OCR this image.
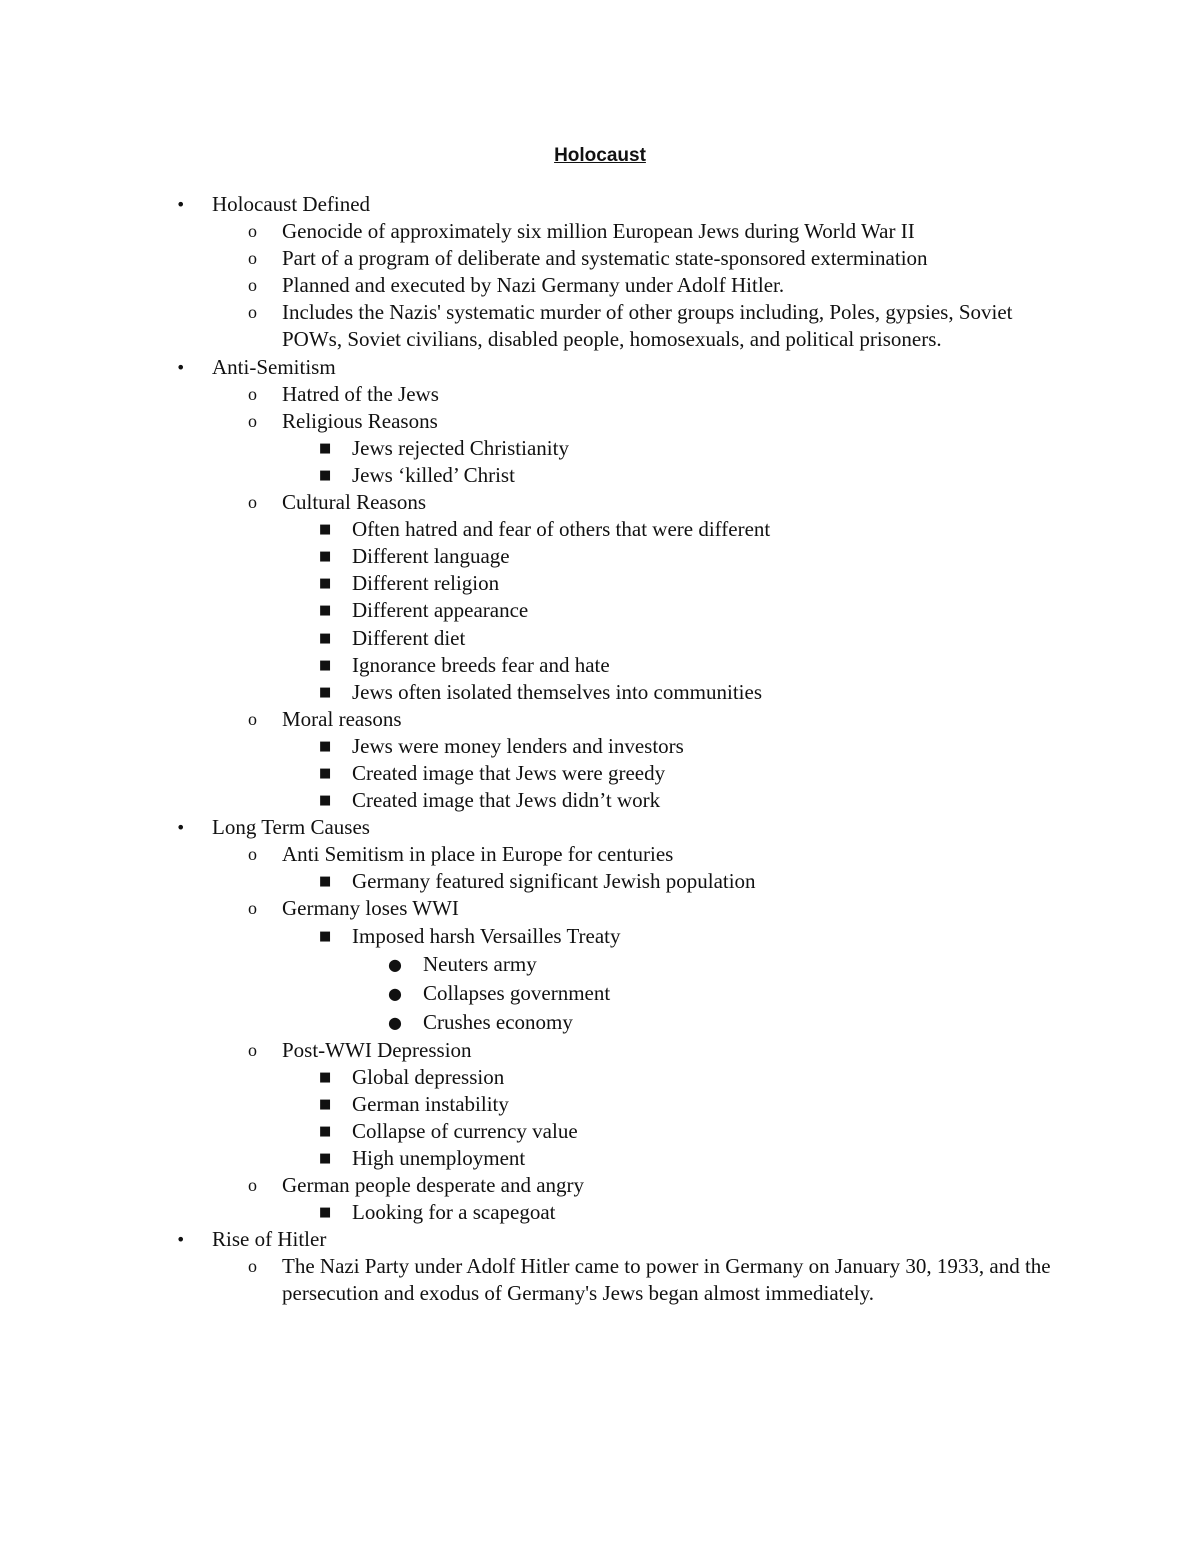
Holocaust
•	Holocaust Defined
o	Genocide of approximately six million European Jews during World War II
o	Part of a program of deliberate and systematic state-sponsored extermination
o	Planned and executed by Nazi Germany under Adolf Hitler.
o	Includes the Nazis' systematic murder of other groups including, Poles, gypsies, Soviet POWs, Soviet civilians, disabled people, homosexuals, and political prisoners.
•	Anti-Semitism
o	Hatred of the Jews
o	Religious Reasons
■ Jews rejected Christianity
■ Jews ‘killed’ Christ
o	Cultural Reasons
■ Often hatred and fear of others that were different
■ Different language
■ Different religion
■ Different appearance
■ Different diet
■ Ignorance breeds fear and hate
■ Jews often isolated themselves into communities
o	Moral reasons
■ Jews were money lenders and investors
■ Created image that Jews were greedy
■ Created image that Jews didn’t work
•	Long Term Causes
o	Anti Semitism in place in Europe for centuries
■ Germany featured significant Jewish population
o	Germany loses WWI
■ Imposed harsh Versailles Treaty
● Neuters army
● Collapses government
● Crushes economy
o	Post-WWI Depression
■ Global depression
■ German instability
■ Collapse of currency value
■ High unemployment
o	German people desperate and angry
■ Looking for a scapegoat
•	Rise of Hitler
o	The Nazi Party under Adolf Hitler came to power in Germany on January 30, 1933, and the persecution and exodus of Germany's Jews began almost immediately.
